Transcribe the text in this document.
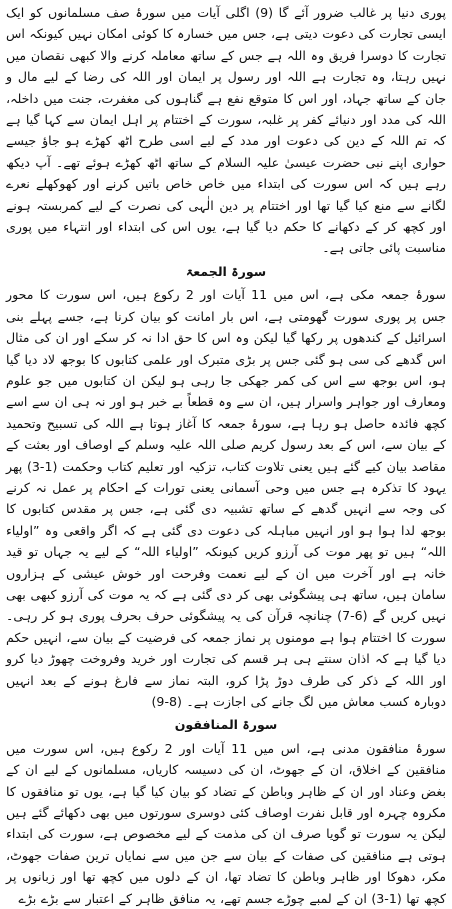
پوری دنیا پر غالب ضرور آئے گا (9) اگلی آیات میں سورۂ صف مسلمانوں کو ایک ایسی تجارت کی دعوت دیتی ہے، جس میں خسارہ کا کوئی امکان نہیں کیونکہ اس تجارت کا دوسرا فریق وہ اللہ ہے جس کے ساتھ معاملہ کرنے والا کبھی نقصان میں نہیں رہتا، وہ تجارت ہے اللہ اور رسول پر ایمان اور اللہ کی رضا کے لیے مال و جان کے ساتھ جہاد، اور اس کا متوقع نفع ہے گناہوں کی مغفرت، جنت میں داخلہ، اللہ کی مدد اور دنیائے کفر پر غلبہ، سورت کے اختتام پر اہل ایمان سے کہا گیا ہے کہ تم اللہ کے دین کی دعوت اور مدد کے لیے اسی طرح اٹھ کھڑے ہو جاؤ جیسے حواری اپنے نبی حضرت عیسیٰ علیہ السلام کے ساتھ اٹھ کھڑے ہوئے تھے۔ آپ دیکھ رہے ہیں کہ اس سورت کی ابتداء میں خاص خاص باتیں کرنے اور کھوکھلے نعرے لگانے سے منع کیا گیا تھا اور اختتام پر دین الٰہی کی نصرت کے لیے کمربستہ ہونے اور کچھ کر کے دکھانے کا حکم دیا گیا ہے، یوں اس کی ابتداء اور انتہاء میں پوری مناسبت پائی جاتی ہے۔

سورۃ الجمعۃ

سورۂ جمعہ مکی ہے، اس میں 11 آیات اور 2 رکوع ہیں، اس سورت کا محور جس پر پوری سورت گھومتی ہے، اس بار امانت کو بیان کرنا ہے، جسے پہلے بنی اسرائیل کے کندھوں پر رکھا گیا لیکن وہ اس کا حق ادا نہ کر سکے اور ان کی مثال اس گدھے کی سی ہو گئی جس پر بڑی متبرک اور علمی کتابوں کا بوجھ لاد دیا گیا ہو، اس بوجھ سے اس کی کمر جھکی جا رہی ہو لیکن ان کتابوں میں جو علوم ومعارف اور جواہر واسرار ہیں، ان سے وہ قطعاً بے خبر ہو اور نہ ہی ان سے اسے کچھ فائدہ حاصل ہو رہا ہے، سورۂ جمعہ کا آغاز ہوتا ہے اللہ کی تسبیح وتحمید کے بیان سے، اس کے بعد رسول کریم صلی اللہ علیہ وسلم کے اوصاف اور بعثت کے مقاصد بیان کیے گئے ہیں یعنی تلاوت کتاب، تزکیہ اور تعلیم کتاب وحکمت (1-3) پھر یہود کا تذکرہ ہے جس میں وحی آسمانی یعنی تورات کے احکام پر عمل نہ کرنے کی وجہ سے انہیں گدھے کے ساتھ تشبیہ دی گئی ہے، جس پر مقدس کتابوں کا بوجھ لدا ہوا ہو اور انہیں مباہلہ کی دعوت دی گئی ہے کہ اگر واقعی وہ ”اولیاء اللہ“ ہیں تو پھر موت کی آرزو کریں کیونکہ ”اولیاء اللہ“ کے لیے یہ جہاں تو قید خانہ ہے اور آخرت میں ان کے لیے نعمت وفرحت اور خوش عیشی کے ہزاروں سامان ہیں، ساتھ ہی پیشگوئی بھی کر دی گئی ہے کہ یہ موت کی آرزو کبھی بھی نہیں کریں گے (6-7) چنانچہ قرآن کی یہ پیشگوئی حرف بحرف پوری ہو کر رہی۔ سورت کا اختتام ہوا ہے مومنوں پر نماز جمعہ کی فرضیت کے بیان سے، انہیں حکم دیا گیا ہے کہ اذان سنتے ہی ہر قسم کی تجارت اور خرید وفروخت چھوڑ دیا کرو اور اللہ کے ذکر کی طرف دوڑ پڑا کرو، البتہ نماز سے فارغ ہونے کے بعد انہیں دوبارہ کسب معاش میں لگ جانے کی اجازت ہے۔ (8-9)

سورۃ المنافقون

سورۂ منافقون مدنی ہے، اس میں 11 آیات اور 2 رکوع ہیں، اس سورت میں منافقین کے اخلاق، ان کے جھوٹ، ان کی دسیسہ کاریاں، مسلمانوں کے لیے ان کے بغض وعناد اور ان کے ظاہر وباطن کے تضاد کو بیان کیا گیا ہے، یوں تو منافقوں کا مکروہ چہرہ اور قابل نفرت اوصاف کئی دوسری سورتوں میں بھی دکھائے گئے ہیں لیکن یہ سورت تو گویا صرف ان کی مذمت کے لیے مخصوص ہے، سورت کی ابتداء ہوتی ہے منافقین کی صفات کے بیان سے جن میں سے نمایاں ترین صفات جھوٹ، مکر، دھوکا اور ظاہر وباطن کا تضاد تھا، ان کے دلوں میں کچھ تھا اور زبانوں پر کچھ تھا (1-3) ان کے لمبے چوڑے جسم تھے، یہ منافق ظاہر کے اعتبار سے بڑے بڑے
